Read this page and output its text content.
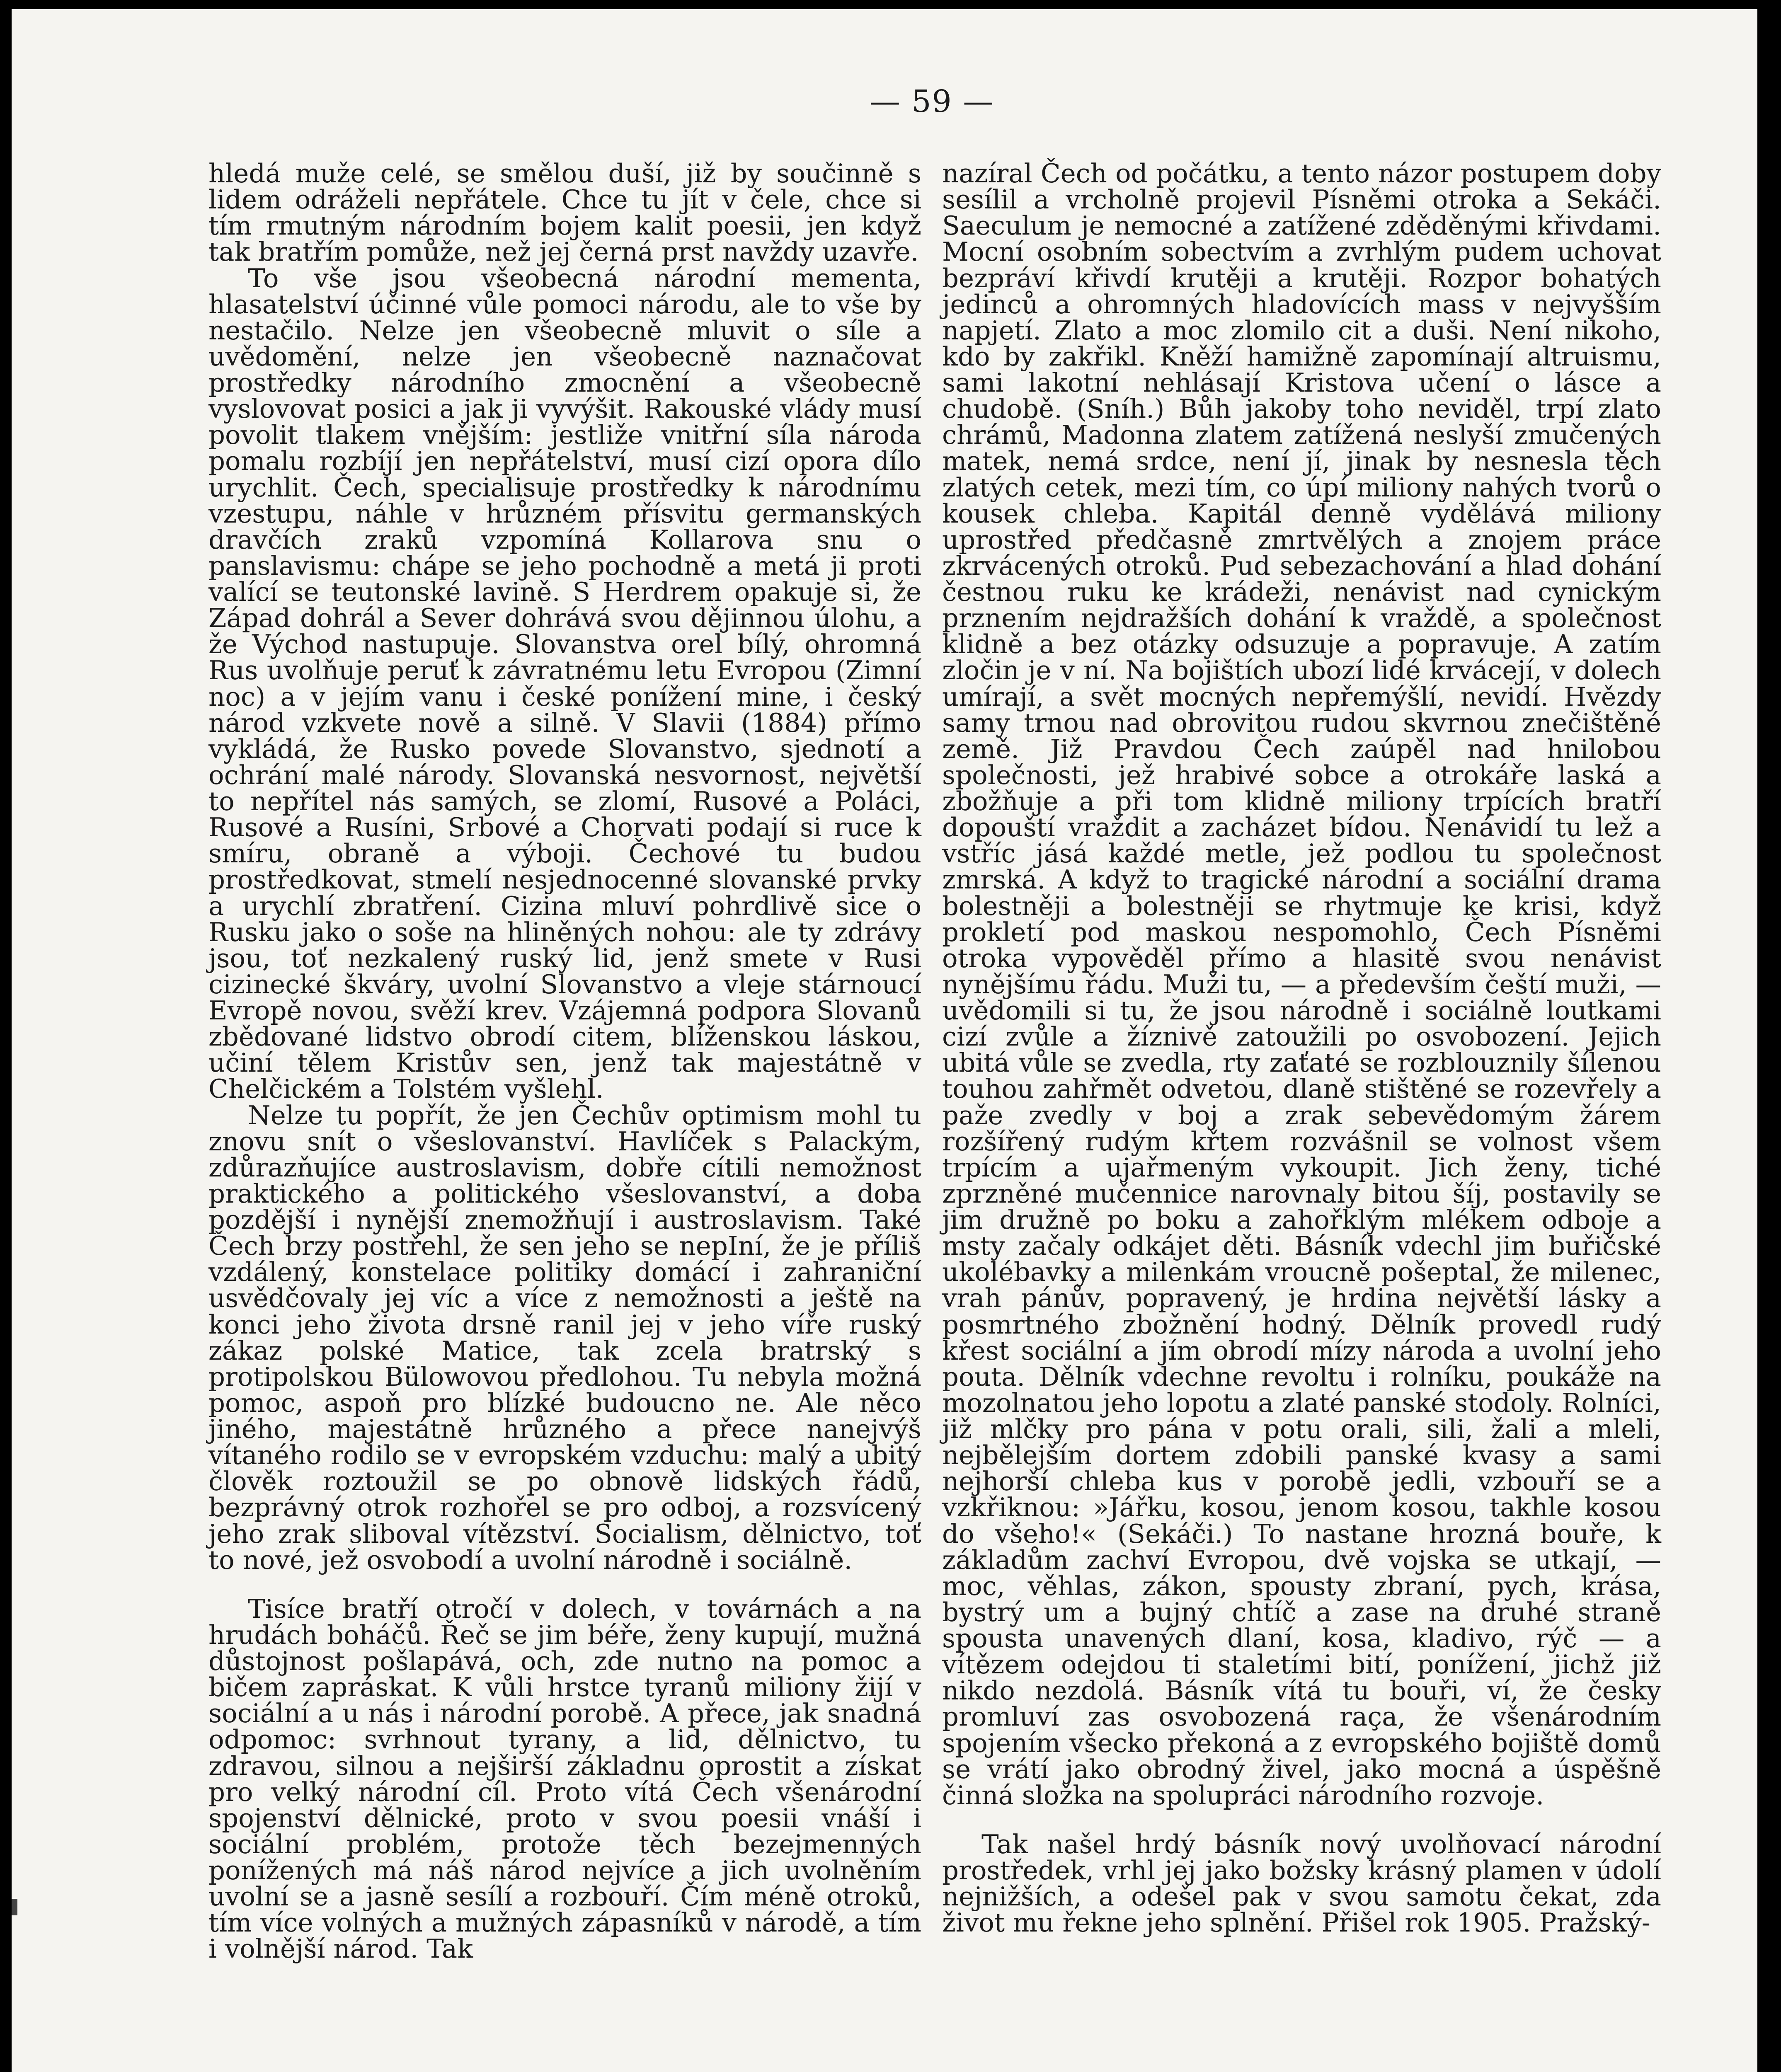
— 59 —

hledá muže celé, se smělou duší, již by součinně s lidem odráželi nepřátele. Chce tu jít v čele, chce si tím rmutným národním bojem kalit poesii, jen když tak bratřím pomůže, než jej černá prst navždy uzavře.

To vše jsou všeobecná národní mementa, hlasatelství účinné vůle pomoci národu, ale to vše by nestačilo. Nelze jen všeobecně mluvit o síle a uvědomění, nelze jen všeobecně naznačovat prostředky národního zmocnění a všeobecně vyslovovat posici a jak ji vyvýšit. Rakouské vlády musí povolit tlakem vnějším: jestliže vnitřní síla národa pomalu rozbíjí jen nepřátelství, musí cizí opora dílo urychlit. Čech, specialisuje prostředky k národnímu vzestupu, náhle v hrůzném přísvitu germanských dravčích zraků vzpomíná Kollarova snu o panslavismu: chápe se jeho pochodně a metá ji proti valící se teutonské lavině. S Herdrem opakuje si, že Západ dohrál a Sever dohrává svou dějinnou úlohu, a že Východ nastupuje. Slovanstva orel bílý, ohromná Rus uvolňuje peruť k závratnému letu Evropou (Zimní noc) a v jejím vanu i české ponížení mine, i český národ vzkvete nově a silně. V Slavii (1884) přímo vykládá, že Rusko povede Slovanstvo, sjednotí a ochrání malé národy. Slovanská nesvornost, největší to nepřítel nás samých, se zlomí, Rusové a Poláci, Rusové a Rusíni, Srbové a Chorvati podají si ruce k smíru, obraně a výboji. Čechové tu budou prostředkovat, stmelí nesjednocenné slovanské prvky a urychlí zbratření. Cizina mluví pohrdlivě sice o Rusku jako o soše na hliněných nohou: ale ty zdrávy jsou, toť nezkalený ruský lid, jenž smete v Rusi cizinecké škváry, uvolní Slovanstvo a vleje stárnoucí Evropě novou, svěží krev. Vzájemná podpora Slovanů zbědované lidstvo obrodí citem, blíženskou láskou, učiní tělem Kristův sen, jenž tak majestátně v Chelčickém a Tolstém vyšlehl.

Nelze tu popřít, že jen Čechův optimism mohl tu znovu snít o všeslovanství. Havlíček s Palackým, zdůrazňujíce austroslavism, dobře cítili nemožnost praktického a politického všeslovanství, a doba pozdější i nynější znemožňují i austroslavism. Také Čech brzy postřehl, že sen jeho se nepIní, že je příliš vzdálený, konstelace politiky domácí i zahraniční usvědčovaly jej víc a více z nemožnosti a ještě na konci jeho života drsně ranil jej v jeho víře ruský zákaz polské Matice, tak zcela bratrský s protipolskou Bülowovou předlohou. Tu nebyla možná pomoc, aspoň pro blízké budoucno ne. Ale něco jiného, majestátně hrůzného a přece nanejvýš vítaného rodilo se v evropském vzduchu: malý a ubitý člověk roztoužil se po obnově lidských řádů, bezprávný otrok rozhořel se pro odboj, a rozsvícený jeho zrak sliboval vítězství. Socialism, dělnictvo, toť to nové, jež osvobodí a uvolní národně i sociálně.

Tisíce bratří otročí v dolech, v továrnách a na hrudách boháčů. Řeč se jim béře, ženy kupují, mužná důstojnost pošlapává, och, zde nutno na pomoc a bičem zapráskat. K vůli hrstce tyranů miliony žijí v sociální a u nás i národní porobě. A přece, jak snadná odpomoc: svrhnout tyrany, a lid, dělnictvo, tu zdravou, silnou a nejširší základnu oprostit a získat pro velký národní cíl. Proto vítá Čech všenárodní spojenství dělnické, proto v svou poesii vnáší i sociální problém, protože těch bezejmenných ponížených má náš národ nejvíce a jich uvolněním uvolní se a jasně sesílí a rozbouří. Čím méně otroků, tím více volných a mužných zápasníků v národě, a tím i volnější národ. Tak

nazíral Čech od počátku, a tento názor postupem doby sesílil a vrcholně projevil Písněmi otroka a Sekáči. Saeculum je nemocné a zatížené zděděnými křivdami. Mocní osobním sobectvím a zvrhlým pudem uchovat bezpráví křivdí krutěji a krutěji. Rozpor bohatých jedinců a ohromných hladovících mass v nejvyšším napjetí. Zlato a moc zlomilo cit a duši. Není nikoho, kdo by zakřikl. Kněží hamižně zapomínají altruismu, sami lakotní nehlásají Kristova učení o lásce a chudobě. (Sníh.) Bůh jakoby toho neviděl, trpí zlato chrámů, Madonna zlatem zatížená neslyší zmučených matek, nemá srdce, není jí, jinak by nesnesla těch zlatých cetek, mezi tím, co úpí miliony nahých tvorů o kousek chleba. Kapitál denně vydělává miliony uprostřed předčasně zmrtvělých a znojem práce zkrvácených otroků. Pud sebezachování a hlad dohání čestnou ruku ke krádeži, nenávist nad cynickým prznením nejdražších dohání k vraždě, a společnost klidně a bez otázky odsuzuje a popravuje. A zatím zločin je v ní. Na bojištích ubozí lidé krvácejí, v dolech umírají, a svět mocných nepřemýšlí, nevidí. Hvězdy samy trnou nad obrovitou rudou skvrnou znečištěné země. Již Pravdou Čech zaúpěl nad hnilobou společnosti, jež hrabivé sobce a otrokáře laská a zbožňuje a při tom klidně miliony trpících bratří dopouští vraždit a zacházet bídou. Nenávidí tu lež a vstříc jásá každé metle, jež podlou tu společnost zmrská. A když to tragické národní a sociální drama bolestněji a bolestněji se rhytmuje ke krisi, když prokletí pod maskou nespomohlo, Čech Písněmi otroka vypověděl přímo a hlasitě svou nenávist nynějšímu řádu. Muži tu, — a především čeští muži, — uvědomili si tu, že jsou národně i sociálně loutkami cizí zvůle a žíznivě zatoužili po osvobození. Jejich ubitá vůle se zvedla, rty zaťaté se rozblouznily šílenou touhou zahřmět odvetou, dlaně stištěné se rozevřely a paže zvedly v boj a zrak sebevědomým žárem rozšířený rudým křtem rozvášnil se volnost všem trpícím a ujařmeným vykoupit. Jich ženy, tiché zprzněné mučennice narovnaly bitou šíj, postavily se jim družně po boku a zahořklým mlékem odboje a msty začaly odkájet děti. Básník vdechl jim buřičské ukolébavky a milenkám vroucně pošeptal, že milenec, vrah pánův, popravený, je hrdina největší lásky a posmrtného zbožnění hodný. Dělník provedl rudý křest sociální a jím obrodí mízy národa a uvolní jeho pouta. Dělník vdechne revoltu i rolníku, poukáže na mozolnatou jeho lopotu a zlaté panské stodoly. Rolníci, již mlčky pro pána v potu orali, sili, žali a mleli, nejbělejším dortem zdobili panské kvasy a sami nejhorší chleba kus v porobě jedli, vzbouří se a vzkřiknou: »Jářku, kosou, jenom kosou, takhle kosou do všeho!« (Sekáči.) To nastane hrozná bouře, k základům zachví Evropou, dvě vojska se utkají, — moc, věhlas, zákon, spousty zbraní, pych, krása, bystrý um a bujný chtíč a zase na druhé straně spousta unavených dlaní, kosa, kladivo, rýč — a vítězem odejdou ti staletími bití, ponížení, jichž již nikdo nezdolá. Básník vítá tu bouři, ví, že česky promluví zas osvobozená raça, že všenárodním spojením všecko překoná a z evropského bojiště domů se vrátí jako obrodný živel, jako mocná a úspěšně činná složka na spolupráci národního rozvoje.

Tak našel hrdý básník nový uvolňovací národní prostředek, vrhl jej jako božsky krásný plamen v údolí nejnižších, a odešel pak v svou samotu čekat, zda život mu řekne jeho splnění. Přišel rok 1905. Pražský-
